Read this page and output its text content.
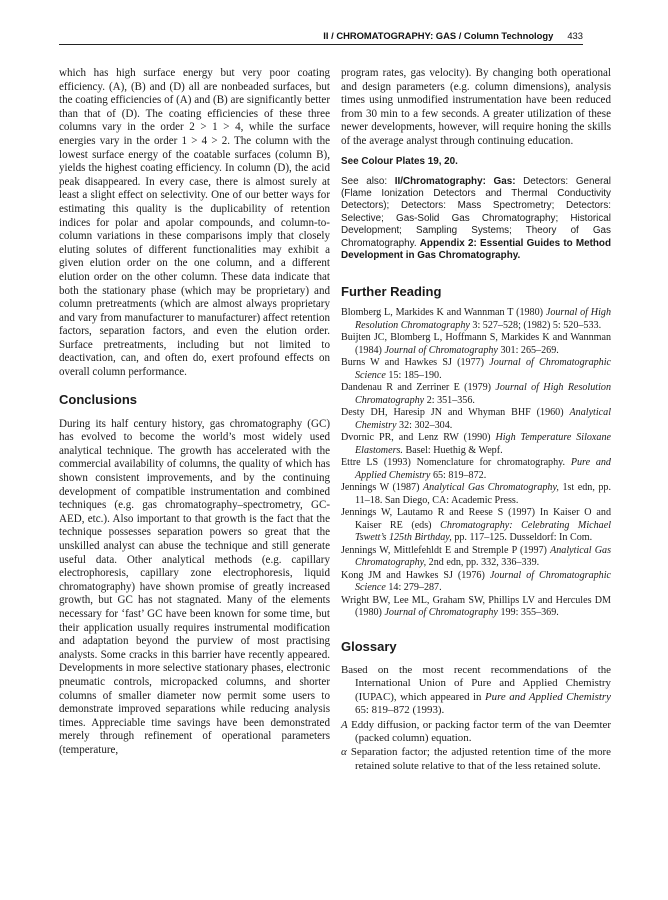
II / CHROMATOGRAPHY: GAS / Column Technology 433

which has high surface energy but very poor coating efficiency. (A), (B) and (D) all are nonbeaded surfaces, but the coating efficiencies of (A) and (B) are significantly better than that of (D). The coating efficiencies of these three columns vary in the order 2 > 1 > 4, while the surface energies vary in the order 1 > 4 > 2. The column with the lowest surface energy of the coatable surfaces (column B), yields the highest coating efficiency. In column (D), the acid peak disappeared. In every case, there is almost surely at least a slight effect on selectivity. One of our better ways for estimating this quality is the duplicability of retention indices for polar and apolar compounds, and column-to-column variations in these comparisons imply that closely eluting solutes of different functionalities may exhibit a given elution order on the one column, and a different elution order on the other column. These data indicate that both the stationary phase (which may be proprietary) and column pretreatments (which are almost always proprietary and vary from manufacturer to manufacturer) affect retention factors, separation factors, and even the elution order. Surface pretreatments, including but not limited to deactivation, can, and often do, exert profound effects on overall column performance.

Conclusions

During its half century history, gas chromatography (GC) has evolved to become the world’s most widely used analytical technique. The growth has accelerated with the commercial availability of columns, the quality of which has shown consistent improvements, and by the continuing development of compatible instrumentation and combined techniques (e.g. gas chromatography–spectrometry, GC-AED, etc.). Also important to that growth is the fact that the technique possesses separation powers so great that the unskilled analyst can abuse the technique and still generate useful data. Other analytical methods (e.g. capillary electrophoresis, capillary zone electrophoresis, liquid chromatography) have shown promise of greatly increased growth, but GC has not stagnated. Many of the elements necessary for ‘fast’ GC have been known for some time, but their application usually requires instrumental modification and adaptation beyond the purview of most practising analysts. Some cracks in this barrier have recently appeared. Developments in more selective stationary phases, electronic pneumatic controls, micropacked columns, and shorter columns of smaller diameter now permit some users to demonstrate improved separations while reducing analysis times. Appreciable time savings have been demonstrated merely through refinement of operational parameters (temperature,

program rates, gas velocity). By changing both operational and design parameters (e.g. column dimensions), analysis times using unmodified instrumentation have been reduced from 30 min to a few seconds. A greater utilization of these newer developments, however, will require honing the skills of the average analyst through continuing education.

See Colour Plates 19, 20.

See also: II/Chromatography: Gas: Detectors: General (Flame Ionization Detectors and Thermal Conductivity Detectors); Detectors: Mass Spectrometry; Detectors: Selective; Gas-Solid Gas Chromatography; Historical Development; Sampling Systems; Theory of Gas Chromatography. Appendix 2: Essential Guides to Method Development in Gas Chromatography.

Further Reading

Blomberg L, Markides K and Wannman T (1980) Journal of High Resolution Chromatography 3: 527–528; (1982) 5: 520–533.

Buijten JC, Blomberg L, Hoffmann S, Markides K and Wannman (1984) Journal of Chromatography 301: 265–269.

Burns W and Hawkes SJ (1977) Journal of Chromatographic Science 15: 185–190.

Dandenau R and Zerriner E (1979) Journal of High Resolution Chromatography 2: 351–356.

Desty DH, Haresip JN and Whyman BHF (1960) Analytical Chemistry 32: 302–304.

Dvornic PR, and Lenz RW (1990) High Temperature Siloxane Elastomers. Basel: Huethig & Wepf.

Ettre LS (1993) Nomenclature for chromatography. Pure and Applied Chemistry 65: 819–872.

Jennings W (1987) Analytical Gas Chromatography, 1st edn, pp. 11–18. San Diego, CA: Academic Press.

Jennings W, Lautamo R and Reese S (1997) In Kaiser O and Kaiser RE (eds) Chromatography: Celebrating Michael Tswett’s 125th Birthday, pp. 117–125. Dusseldorf: In Com.

Jennings W, Mittlefehldt E and Stremple P (1997) Analytical Gas Chromatography, 2nd edn, pp. 332, 336–339.

Kong JM and Hawkes SJ (1976) Journal of Chromatographic Science 14: 279–287.

Wright BW, Lee ML, Graham SW, Phillips LV and Hercules DM (1980) Journal of Chromatography 199: 355–369.

Glossary

Based on the most recent recommendations of the International Union of Pure and Applied Chemistry (IUPAC), which appeared in Pure and Applied Chemistry 65: 819–872 (1993).

A Eddy diffusion, or packing factor term of the van Deemter (packed column) equation.

α Separation factor; the adjusted retention time of the more retained solute relative to that of the less retained solute.
